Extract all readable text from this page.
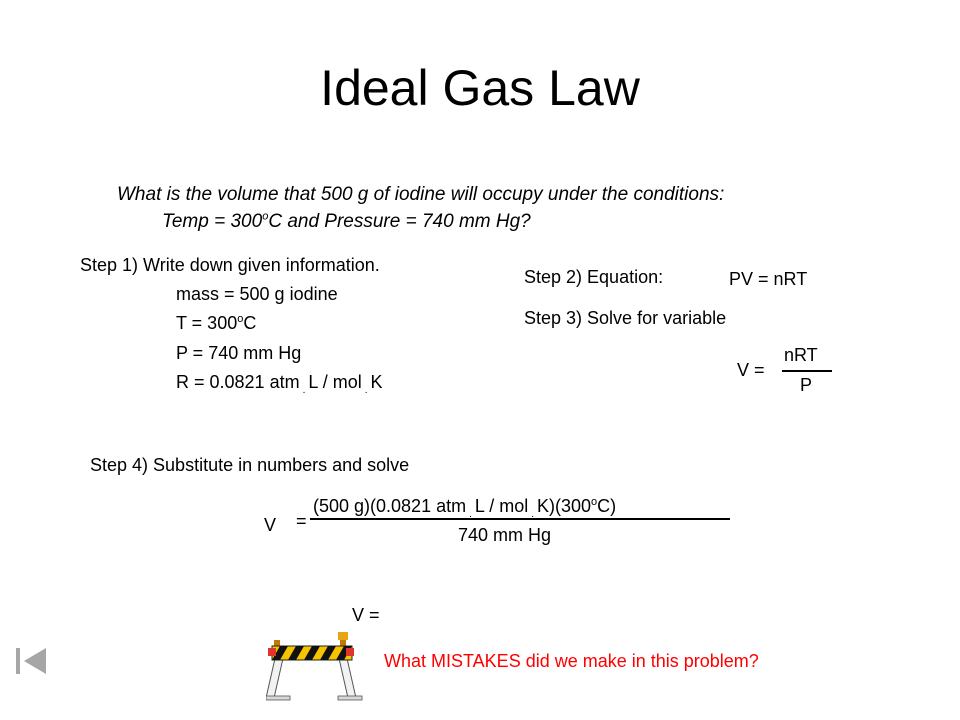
Ideal Gas Law
What is the volume that 500 g of iodine will occupy under the conditions:
Temp = $300^oC$ and Pressure = 740 mm Hg?
Step 1) Write down given information.
mass = 500 g iodine
$T = 300^oC$
P = 740 mm Hg
R = 0.0821 atm $_.$ L / mol $_.$ K
Step 2) Equation:	PV = nRT
Step 3) Solve for variable
V =
nRT
P
Step 4) Substitute in numbers and solve
V =
(500 g)(0.0821 atm $_.$ L / mol $_.$ K)(300$^o$C)
740 mm Hg
V =
What MISTAKES did we make in this problem?
